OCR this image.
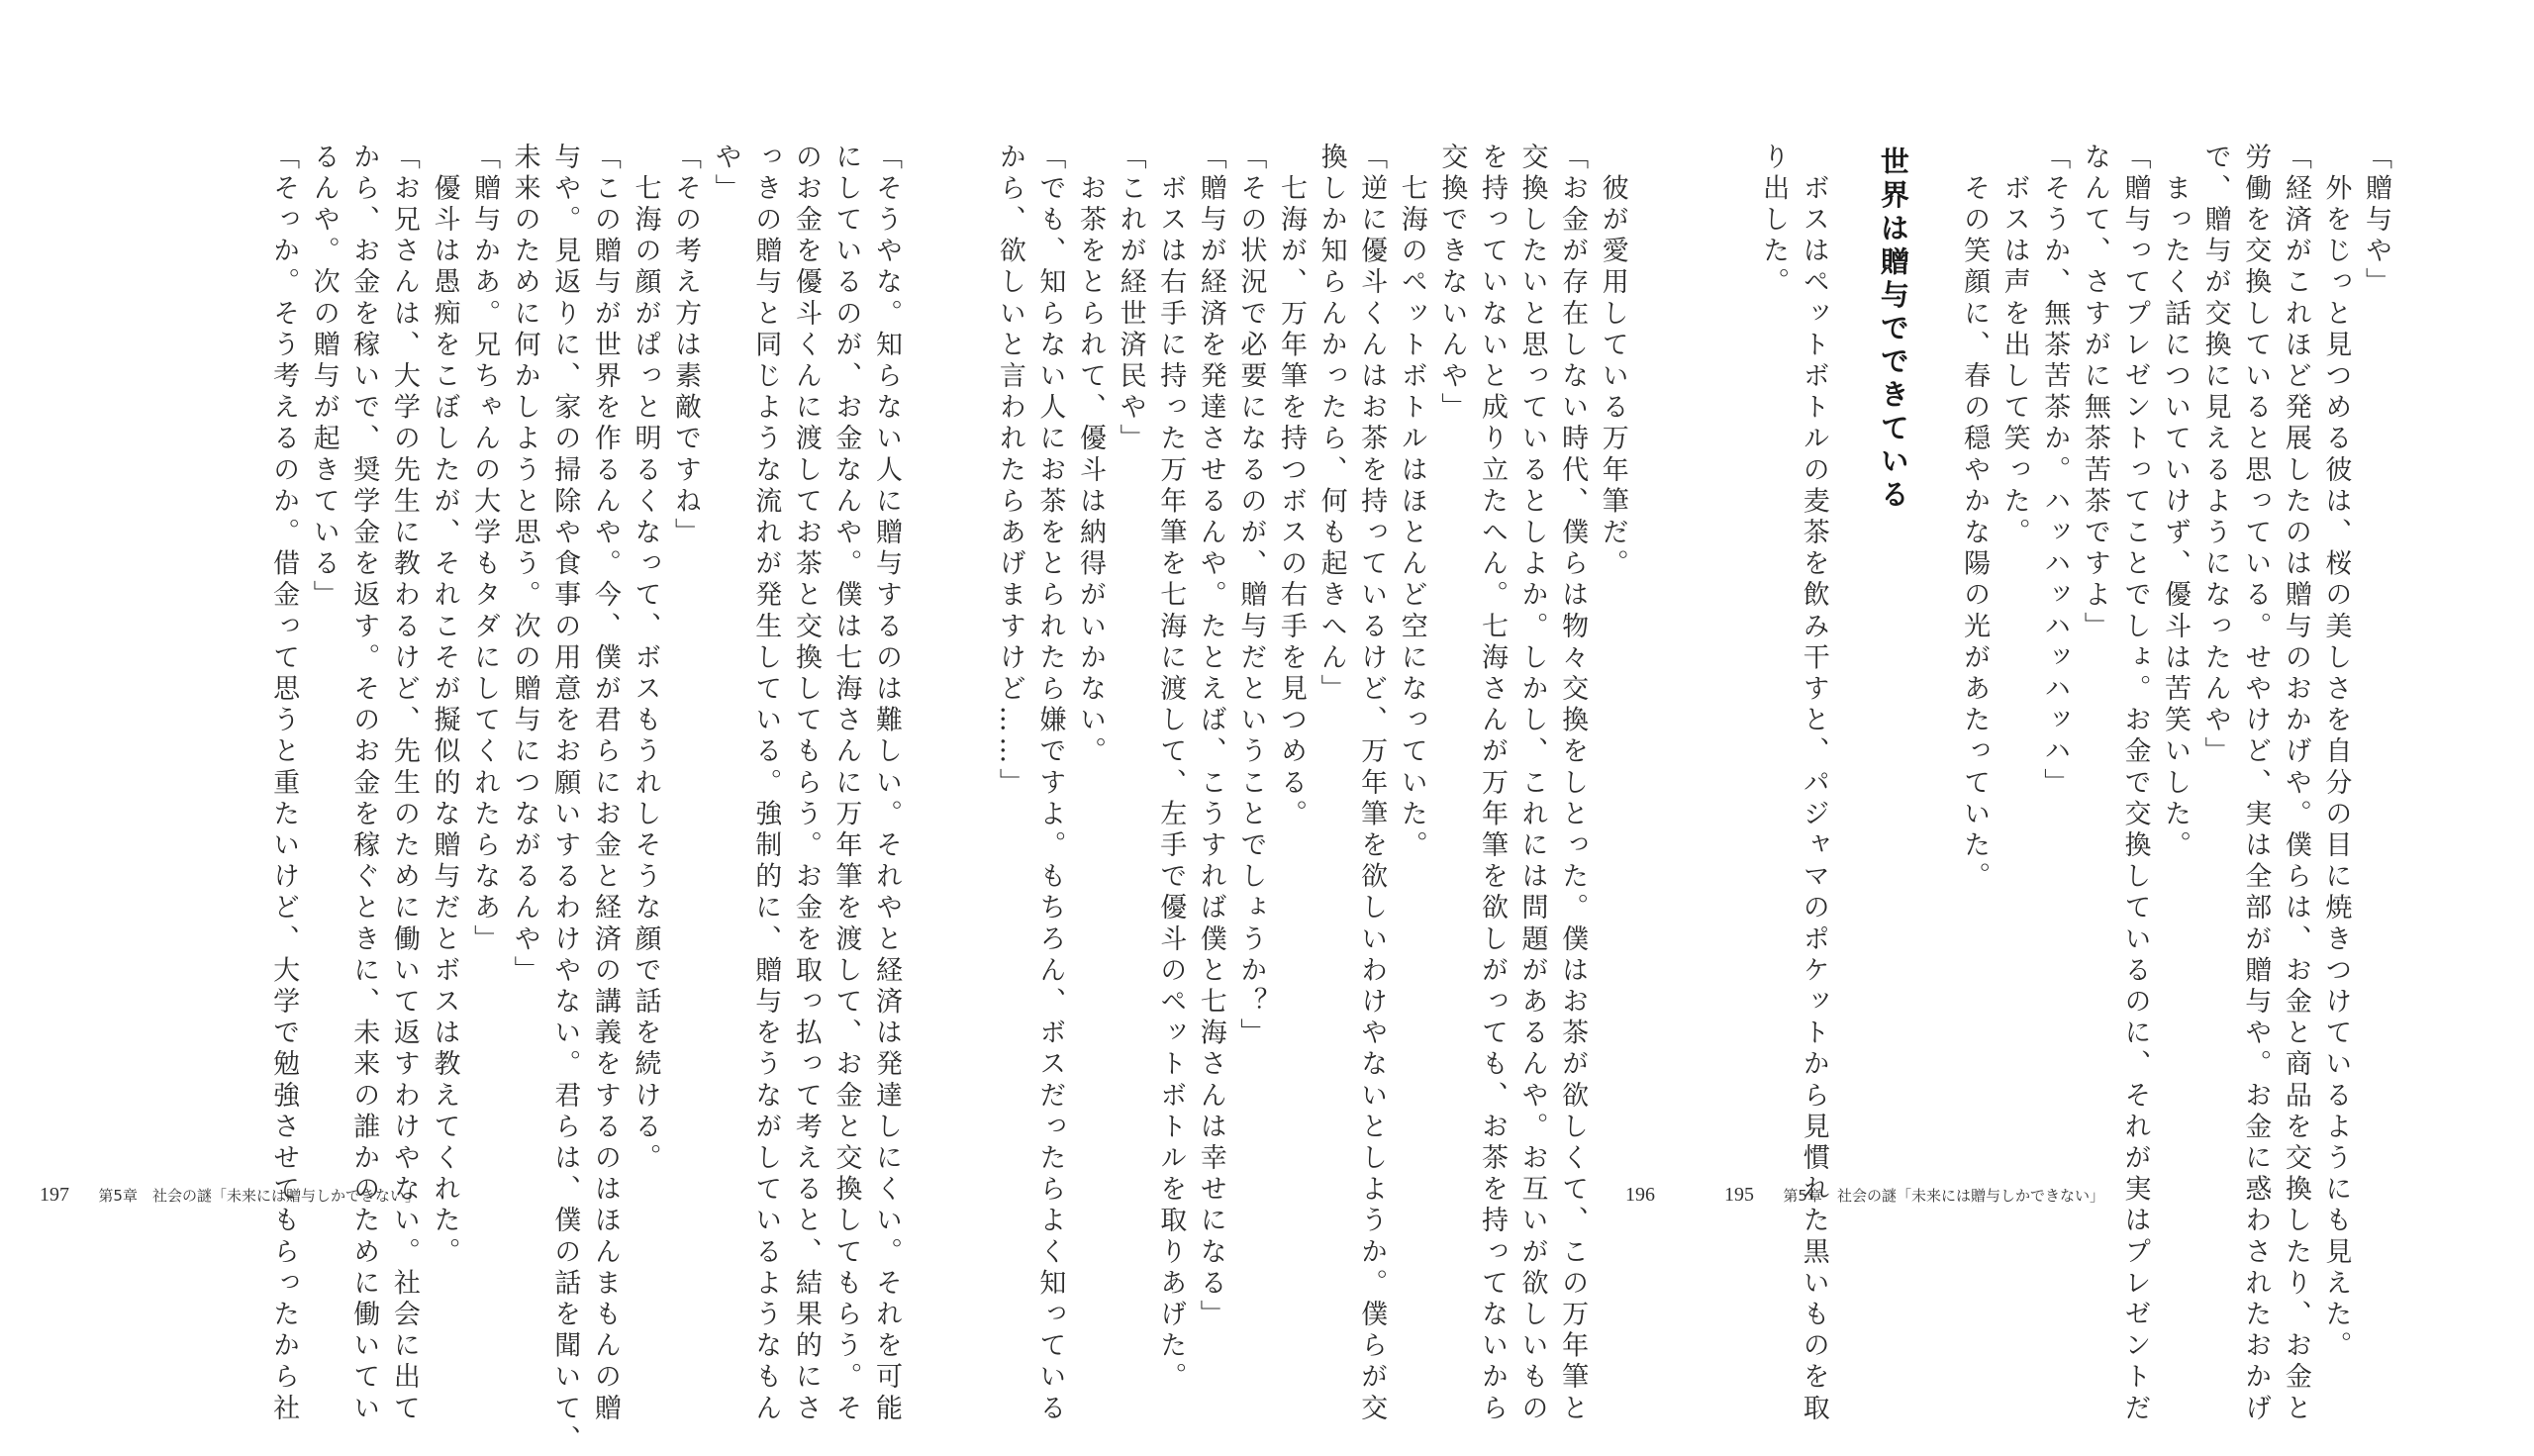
「贈与や」
　外をじっと見つめる彼は、桜の美しさを自分の目に焼きつけているようにも見えた。
「経済がこれほど発展したのは贈与のおかげや。僕らは、お金と商品を交換したり、お金と
労働を交換していると思っている。せやけど、実は全部が贈与や。お金に惑わされたおかげ
で、贈与が交換に見えるようになったんや」
　まったく話についていけず、優斗は苦笑いした。
「贈与ってプレゼントってことでしょ。お金で交換しているのに、それが実はプレゼントだ
なんて、さすがに無茶苦茶ですよ」
「そうか、無茶苦茶か。ハッハッハッハッハ」
　ボスは声を出して笑った。
　その笑顔に、春の穏やかな陽の光があたっていた。

世界は贈与でできている

　ボスはペットボトルの麦茶を飲み干すと、パジャマのポケットから見慣れた黒いものを取
り出した。

　彼が愛用している万年筆だ。
「お金が存在しない時代、僕らは物々交換をしとった。僕はお茶が欲しくて、この万年筆と
交換したいと思っているとしよか。しかし、これには問題があるんや。お互いが欲しいもの
を持っていないと成り立たへん。七海さんが万年筆を欲しがっても、お茶を持ってないから
交換できないんや」
　七海のペットボトルはほとんど空になっていた。
「逆に優斗くんはお茶を持っているけど、万年筆を欲しいわけやないとしようか。僕らが交
換しか知らんかったら、何も起きへん」
　七海が、万年筆を持つボスの右手を見つめる。
「その状況で必要になるのが、贈与だということでしょうか？」
「贈与が経済を発達させるんや。たとえば、こうすれば僕と七海さんは幸せになる」
　ボスは右手に持った万年筆を七海に渡して、左手で優斗のペットボトルを取りあげた。
「これが経世済民や」
　お茶をとられて、優斗は納得がいかない。
「でも、知らない人にお茶をとられたら嫌ですよ。もちろん、ボスだったらよく知っている
から、欲しいと言われたらあげますけど……」
「そうやな。知らない人に贈与するのは難しい。それやと経済は発達しにくい。それを可能
にしているのが、お金なんや。僕は七海さんに万年筆を渡して、お金と交換してもらう。そ
のお金を優斗くんに渡してお茶と交換してもらう。お金を取っ払って考えると、結果的にさ
っきの贈与と同じような流れが発生している。強制的に、贈与をうながしているようなもん
や」
「その考え方は素敵ですね」
　七海の顔がぱっと明るくなって、ボスもうれしそうな顔で話を続ける。
「この贈与が世界を作るんや。今、僕が君らにお金と経済の講義をするのはほんまもんの贈
与や。見返りに、家の掃除や食事の用意をお願いするわけやない。君らは、僕の話を聞いて、
未来のために何かしようと思う。次の贈与につながるんや」
「贈与かあ。兄ちゃんの大学もタダにしてくれたらなあ」
　優斗は愚痴をこぼしたが、それこそが擬似的な贈与だとボスは教えてくれた。
「お兄さんは、大学の先生に教わるけど、先生のために働いて返すわけやない。社会に出て
から、お金を稼いで、奨学金を返す。そのお金を稼ぐときに、未来の誰かのために働いてい
るんや。次の贈与が起きている」
「そっか。そう考えるのか。借金って思うと重たいけど、大学で勉強させてもらったから社
197 第5章　社会の謎「未来には贈与しかできない」	196	195 第5章　社会の謎「未来には贈与しかできない」
